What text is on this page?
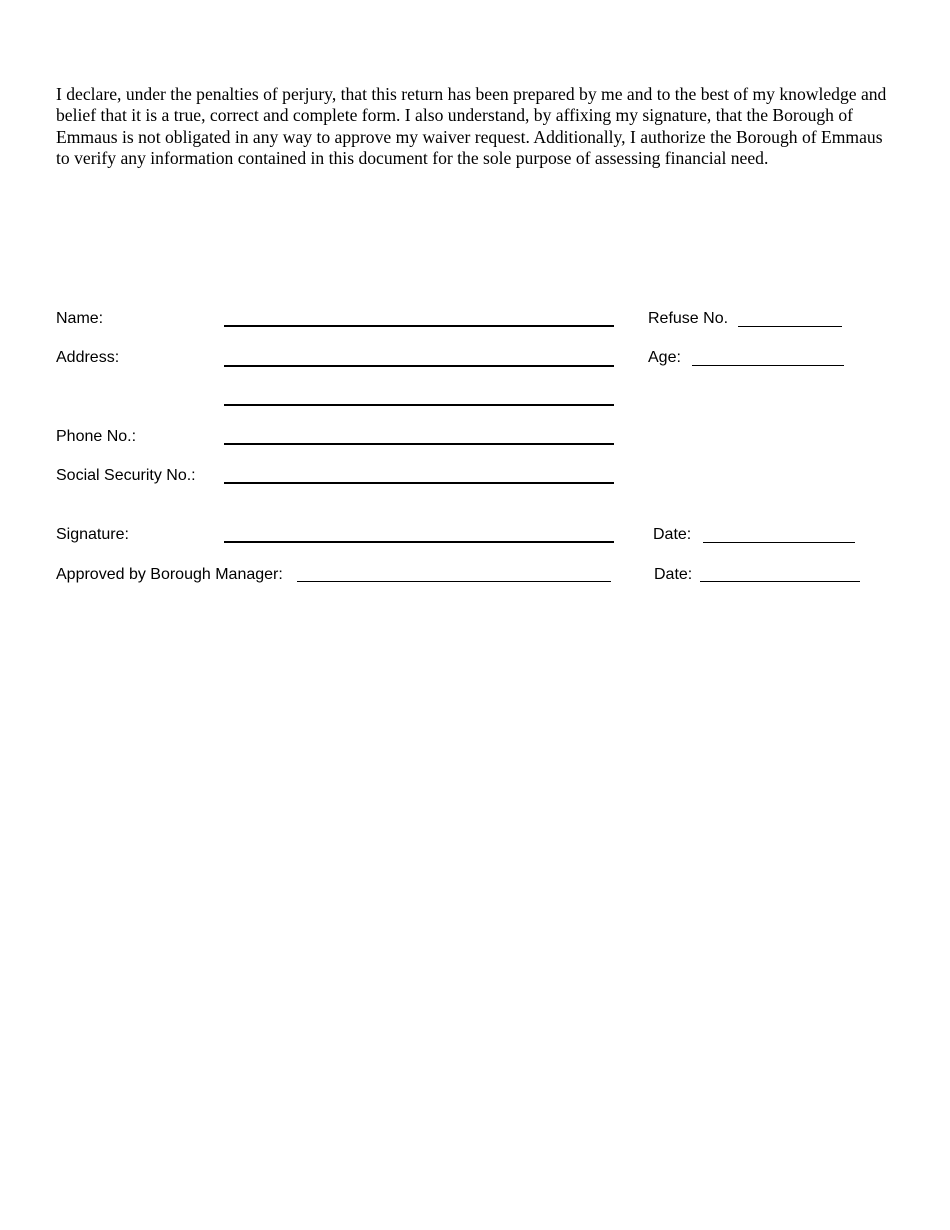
I declare, under the penalties of perjury, that this return has been prepared by me and to the best of my knowledge and belief that it is a true, correct and complete form. I also understand, by affixing my signature, that the Borough of Emmaus is not obligated in any way to approve my waiver request. Additionally, I authorize the Borough of Emmaus to verify any information contained in this document for the sole purpose of assessing financial need.

Name:
Address:
Phone No.:
Social Security No.:
Signature:
Approved by Borough Manager:
Refuse No.
Age:
Date:
Date:
